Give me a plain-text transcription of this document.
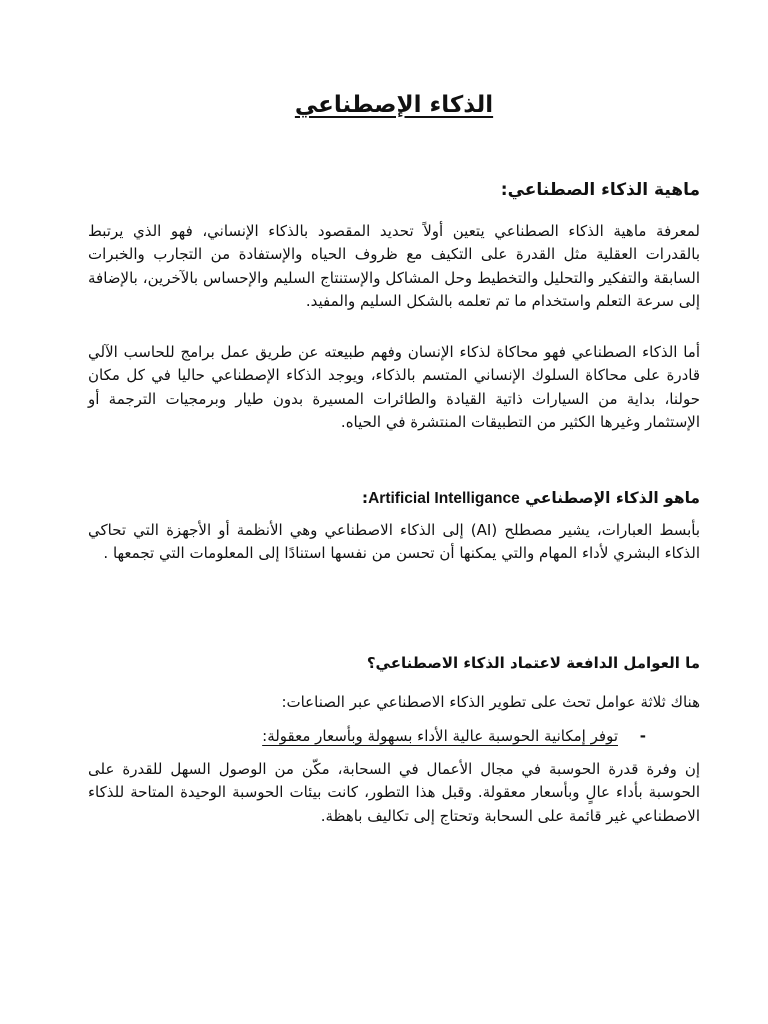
الذكاء الإصطناعي
ماهية الذكاء الصطناعي:

لمعرفة ماهية الذكاء الصطناعي يتعين أولاً تحديد المقصود بالذكاء الإنساني، فهو الذي يرتبط بالقدرات العقلية مثل القدرة على التكيف مع ظروف الحياه والإستفادة من التجارب والخبرات السابقة والتفكير والتحليل والتخطيط وحل المشاكل والإستنتاج السليم والإحساس بالآخرين، بالإضافة إلى سرعة التعلم واستخدام ما تم تعلمه بالشكل السليم والمفيد.

أما الذكاء الصطناعي فهو محاكاة لذكاء الإنسان وفهم طبيعته عن طريق عمل برامج للحاسب الآلي قادرة على محاكاة السلوك الإنساني المتسم بالذكاء، ويوجد الذكاء الإصطناعي حاليا في كل مكان حولنا، بداية من السيارات ذاتية القيادة والطائرات المسيرة بدون طيار وبرمجيات الترجمة أو الإستثمار وغيرها الكثير من التطبيقات المنتشرة في الحياه.

ماهو الذكاء الإصطناعي Artificial Intelligance:

بأبسط العبارات، يشير مصطلح (AI) إلى الذكاء الاصطناعي وهي الأنظمة أو الأجهزة التي تحاكي الذكاء البشري لأداء المهام والتي يمكنها أن تحسن من نفسها استنادًا إلى المعلومات التي تجمعها .

ما العوامل الدافعة لاعتماد الذكاء الاصطناعي؟

هناك ثلاثة عوامل تحث على تطوير الذكاء الاصطناعي عبر الصناعات:

-
توفر إمكانية الحوسبة عالية الأداء بسهولة وبأسعار معقولة:

إن وفرة قدرة الحوسبة في مجال الأعمال في السحابة، مكّن من الوصول السهل للقدرة على الحوسبة بأداء عالٍ وبأسعار معقولة. وقبل هذا التطور، كانت بيئات الحوسبة الوحيدة المتاحة للذكاء الاصطناعي غير قائمة على السحابة وتحتاج إلى تكاليف باهظة.
